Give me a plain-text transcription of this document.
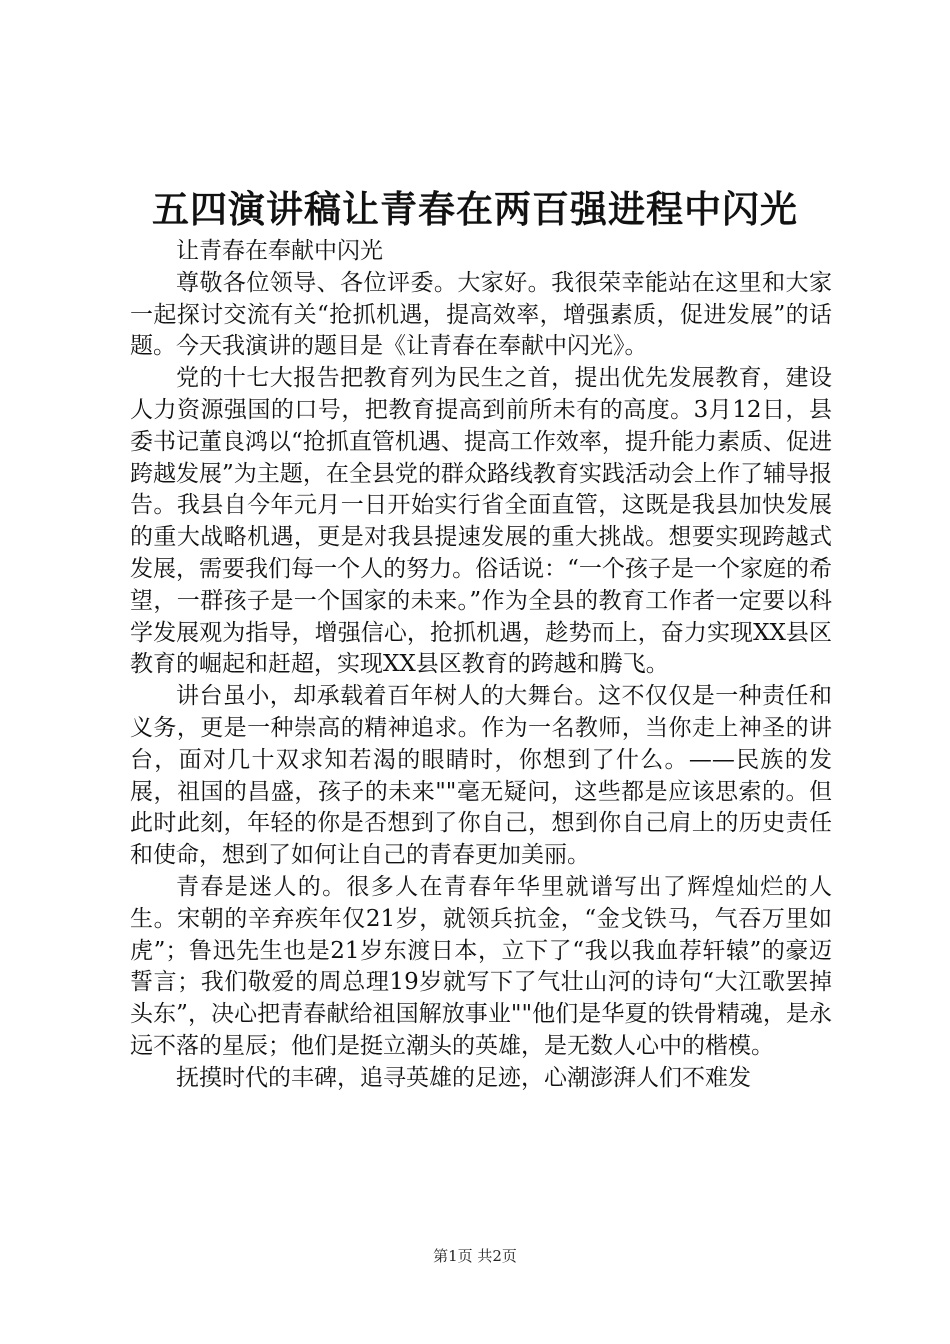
五四演讲稿让青春在两百强进程中闪光

让青春在奉献中闪光

尊敬各位领导、各位评委。大家好。我很荣幸能站在这里和大家一起探讨交流有关“抢抓机遇，提高效率，增强素质，促进发展”的话题。今天我演讲的题目是《让青春在奉献中闪光》。

党的十七大报告把教育列为民生之首，提出优先发展教育，建设人力资源强国的口号，把教育提高到前所未有的高度。3月12日，县委书记董良鸿以“抢抓直管机遇、提高工作效率，提升能力素质、促进跨越发展”为主题，在全县党的群众路线教育实践活动会上作了辅导报告。我县自今年元月一日开始实行省全面直管，这既是我县加快发展的重大战略机遇，更是对我县提速发展的重大挑战。想要实现跨越式发展，需要我们每一个人的努力。俗话说：“一个孩子是一个家庭的希望，一群孩子是一个国家的未来。”作为全县的教育工作者一定要以科学发展观为指导，增强信心，抢抓机遇，趁势而上，奋力实现XX县区教育的崛起和赶超，实现XX县区教育的跨越和腾飞。

讲台虽小，却承载着百年树人的大舞台。这不仅仅是一种责任和义务，更是一种崇高的精神追求。作为一名教师，当你走上神圣的讲台，面对几十双求知若渴的眼睛时，你想到了什么。——民族的发展，祖国的昌盛，孩子的未来""毫无疑问，这些都是应该思索的。但此时此刻，年轻的你是否想到了你自己，想到你自己肩上的历史责任和使命，想到了如何让自己的青春更加美丽。

青春是迷人的。很多人在青春年华里就谱写出了辉煌灿烂的人生。宋朝的辛弃疾年仅21岁，就领兵抗金，“金戈铁马，气吞万里如虎”；鲁迅先生也是21岁东渡日本，立下了“我以我血荐轩辕”的豪迈誓言；我们敬爱的周总理19岁就写下了气壮山河的诗句“大江歌罢掉头东”，决心把青春献给祖国解放事业""他们是华夏的铁骨精魂，是永远不落的星辰；他们是挺立潮头的英雄，是无数人心中的楷模。

抚摸时代的丰碑，追寻英雄的足迹，心潮澎湃人们不难发

第1页 共2页
